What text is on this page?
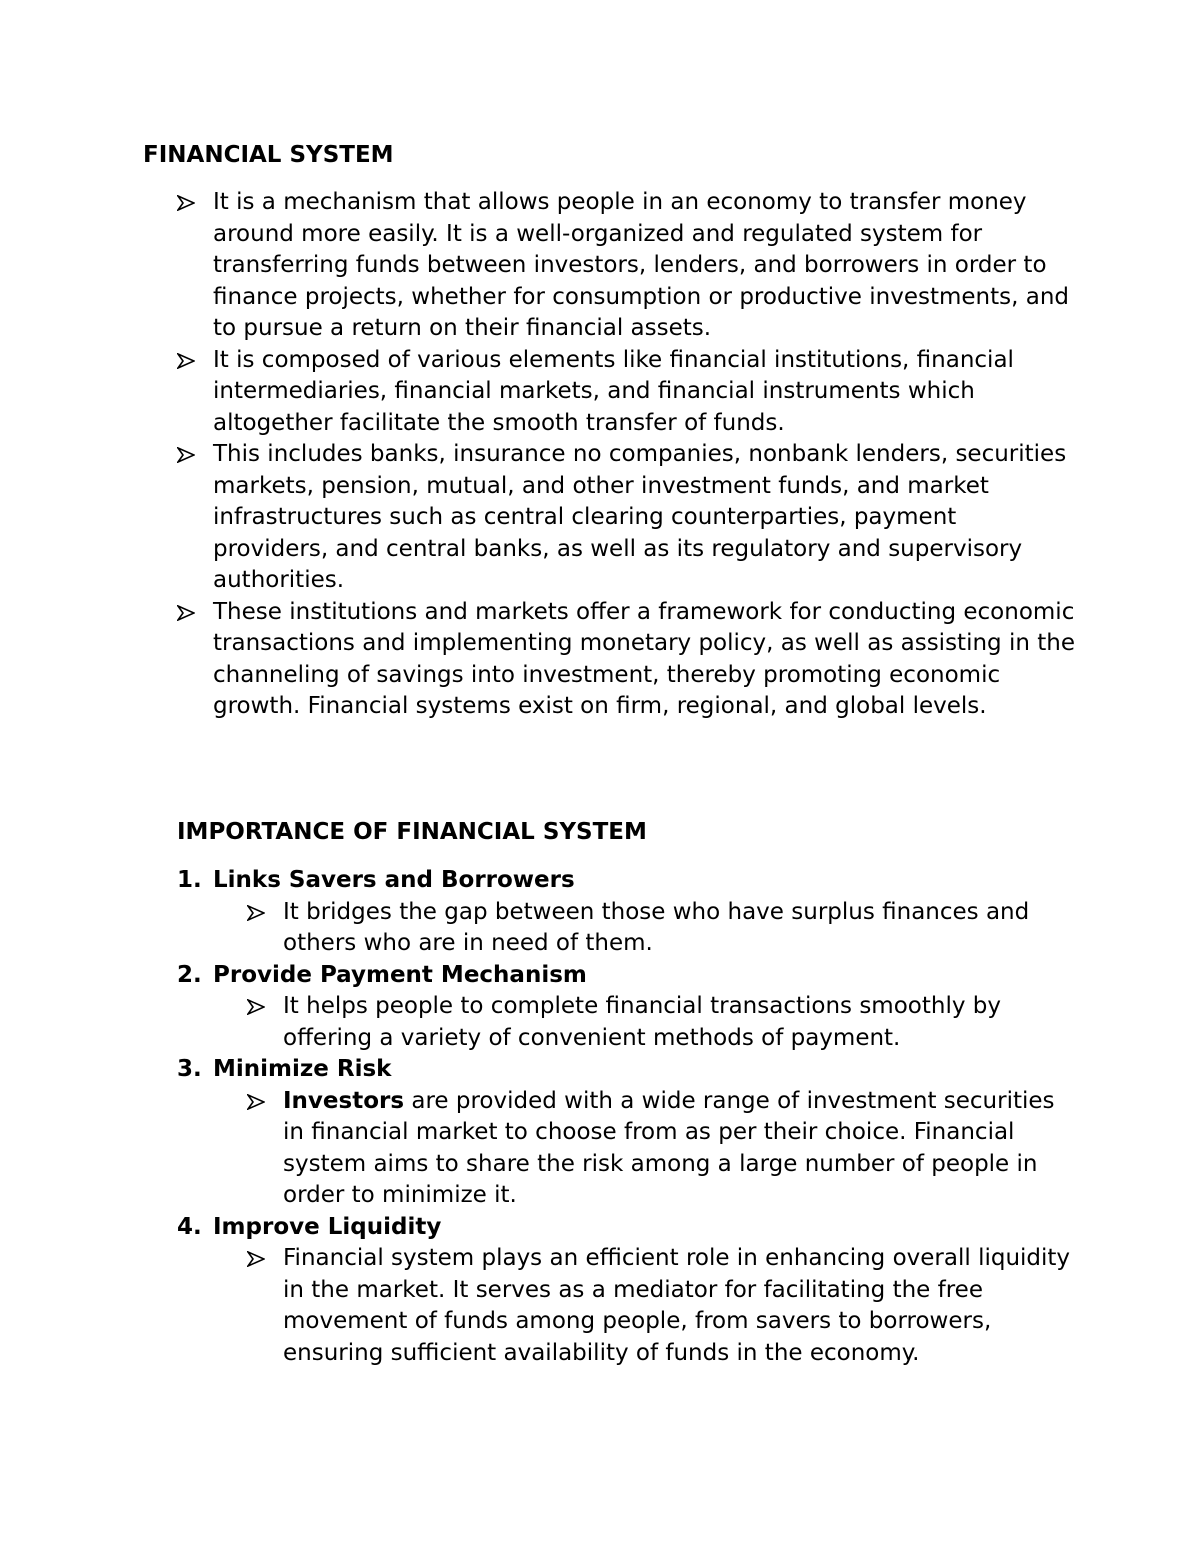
FINANCIAL SYSTEM
It is a mechanism that allows people in an economy to transfer money around more easily. It is a well-organized and regulated system for transferring funds between investors, lenders, and borrowers in order to finance projects, whether for consumption or productive investments, and to pursue a return on their financial assets.
It is composed of various elements like financial institutions, financial intermediaries, financial markets, and financial instruments which altogether facilitate the smooth transfer of funds.
This includes banks, insurance no companies, nonbank lenders, securities markets, pension, mutual, and other investment funds, and market infrastructures such as central clearing counterparties, payment providers, and central banks, as well as its regulatory and supervisory authorities.
These institutions and markets offer a framework for conducting economic transactions and implementing monetary policy, as well as assisting in the channeling of savings into investment, thereby promoting economic growth. Financial systems exist on firm, regional, and global levels.
IMPORTANCE OF FINANCIAL SYSTEM
1. Links Savers and Borrowers
It bridges the gap between those who have surplus finances and others who are in need of them.
2. Provide Payment Mechanism
It helps people to complete financial transactions smoothly by offering a variety of convenient methods of payment.
3. Minimize Risk
Investors are provided with a wide range of investment securities in financial market to choose from as per their choice. Financial system aims to share the risk among a large number of people in order to minimize it.
4. Improve Liquidity
Financial system plays an efficient role in enhancing overall liquidity in the market. It serves as a mediator for facilitating the free movement of funds among people, from savers to borrowers, ensuring sufficient availability of funds in the economy.
